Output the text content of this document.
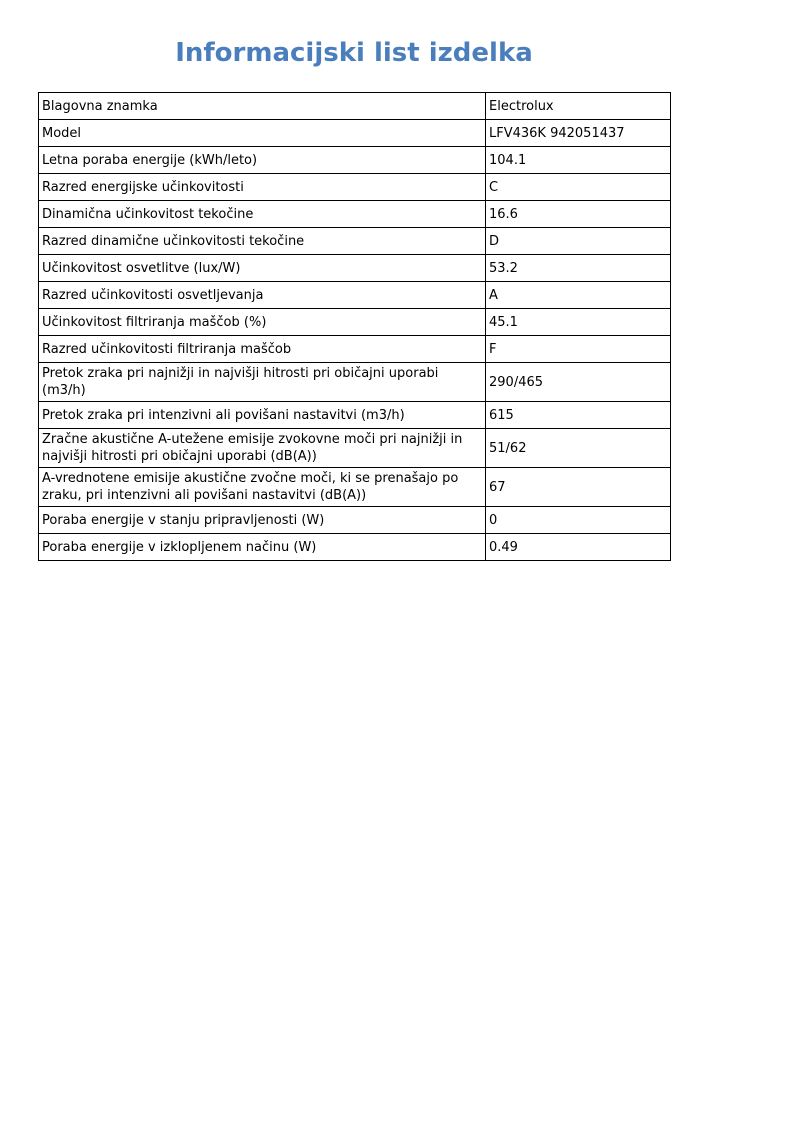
Informacijski list izdelka
Blagovna znamka	Electrolux
Model	LFV436K 942051437
Letna poraba energije (kWh/leto)	104.1
Razred energijske učinkovitosti	C
Dinamična učinkovitost tekočine	16.6
Razred dinamične učinkovitosti tekočine	D
Učinkovitost osvetlitve (lux/W)	53.2
Razred učinkovitosti osvetljevanja	A
Učinkovitost filtriranja maščob (%)	45.1
Razred učinkovitosti filtriranja maščob	F
Pretok zraka pri najnižji in najvišji hitrosti pri običajni uporabi (m3/h)	290/465
Pretok zraka pri intenzivni ali povišani nastavitvi (m3/h)	615
Zračne akustične A-utežene emisije zvokovne moči pri najnižji in najvišji hitrosti pri običajni uporabi (dB(A))	51/62
A-vrednotene emisije akustične zvočne moči, ki se prenašajo po zraku, pri intenzivni ali povišani nastavitvi (dB(A))	67
Poraba energije v stanju pripravljenosti (W)	0
Poraba energije v izklopljenem načinu (W)	0.49
